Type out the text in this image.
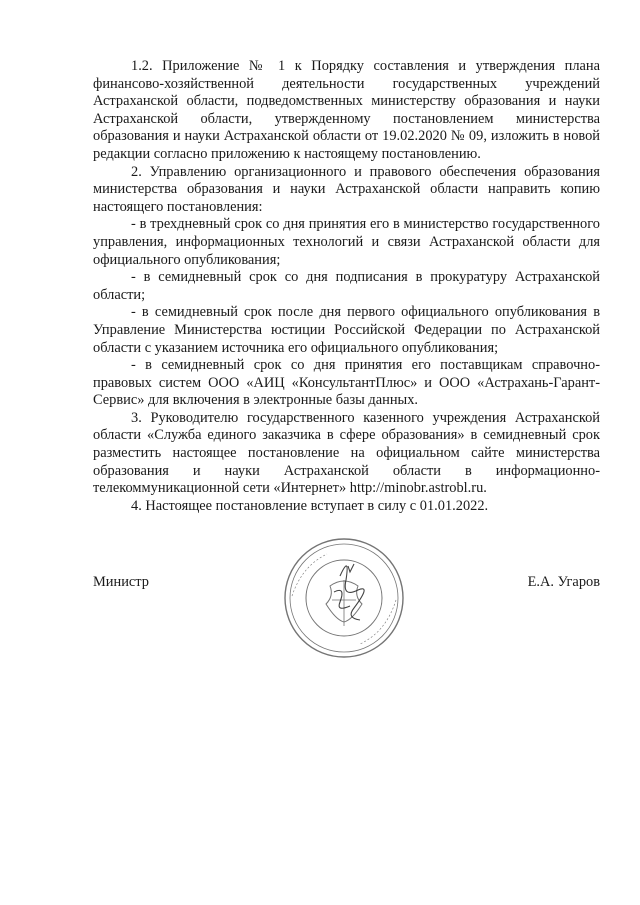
1.2. Приложение № 1 к Порядку составления и утверждения плана финансово-хозяйственной деятельности государственных учреждений Астраханской области, подведомственных министерству образования и науки Астраханской области, утвержденному постановлением министерства образования и науки Астраханской области от 19.02.2020 № 09, изложить в новой редакции согласно приложению к настоящему постановлению.

2. Управлению организационного и правового обеспечения образования министерства образования и науки Астраханской области направить копию настоящего постановления:

- в трехдневный срок со дня принятия его в министерство государственного управления, информационных технологий и связи Астраханской области для официального опубликования;

- в семидневный срок со дня подписания в прокуратуру Астраханской области;

- в семидневный срок после дня первого официального опубликования в Управление Министерства юстиции Российской Федерации по Астраханской области с указанием источника его официального опубликования;

- в семидневный срок со дня принятия его поставщикам справочно-правовых систем ООО «АИЦ «КонсультантПлюс» и ООО «Астрахань-Гарант-Сервис» для включения в электронные базы данных.

3. Руководителю государственного казенного учреждения Астраханской области «Служба единого заказчика в сфере образования» в семидневный срок разместить настоящее постановление на официальном сайте министерства образования и науки Астраханской области в информационно-телекоммуникационной сети «Интернет» http://minobr.astrobl.ru.

4. Настоящее постановление вступает в силу с 01.01.2022.

Министр	Е.А. Угаров
